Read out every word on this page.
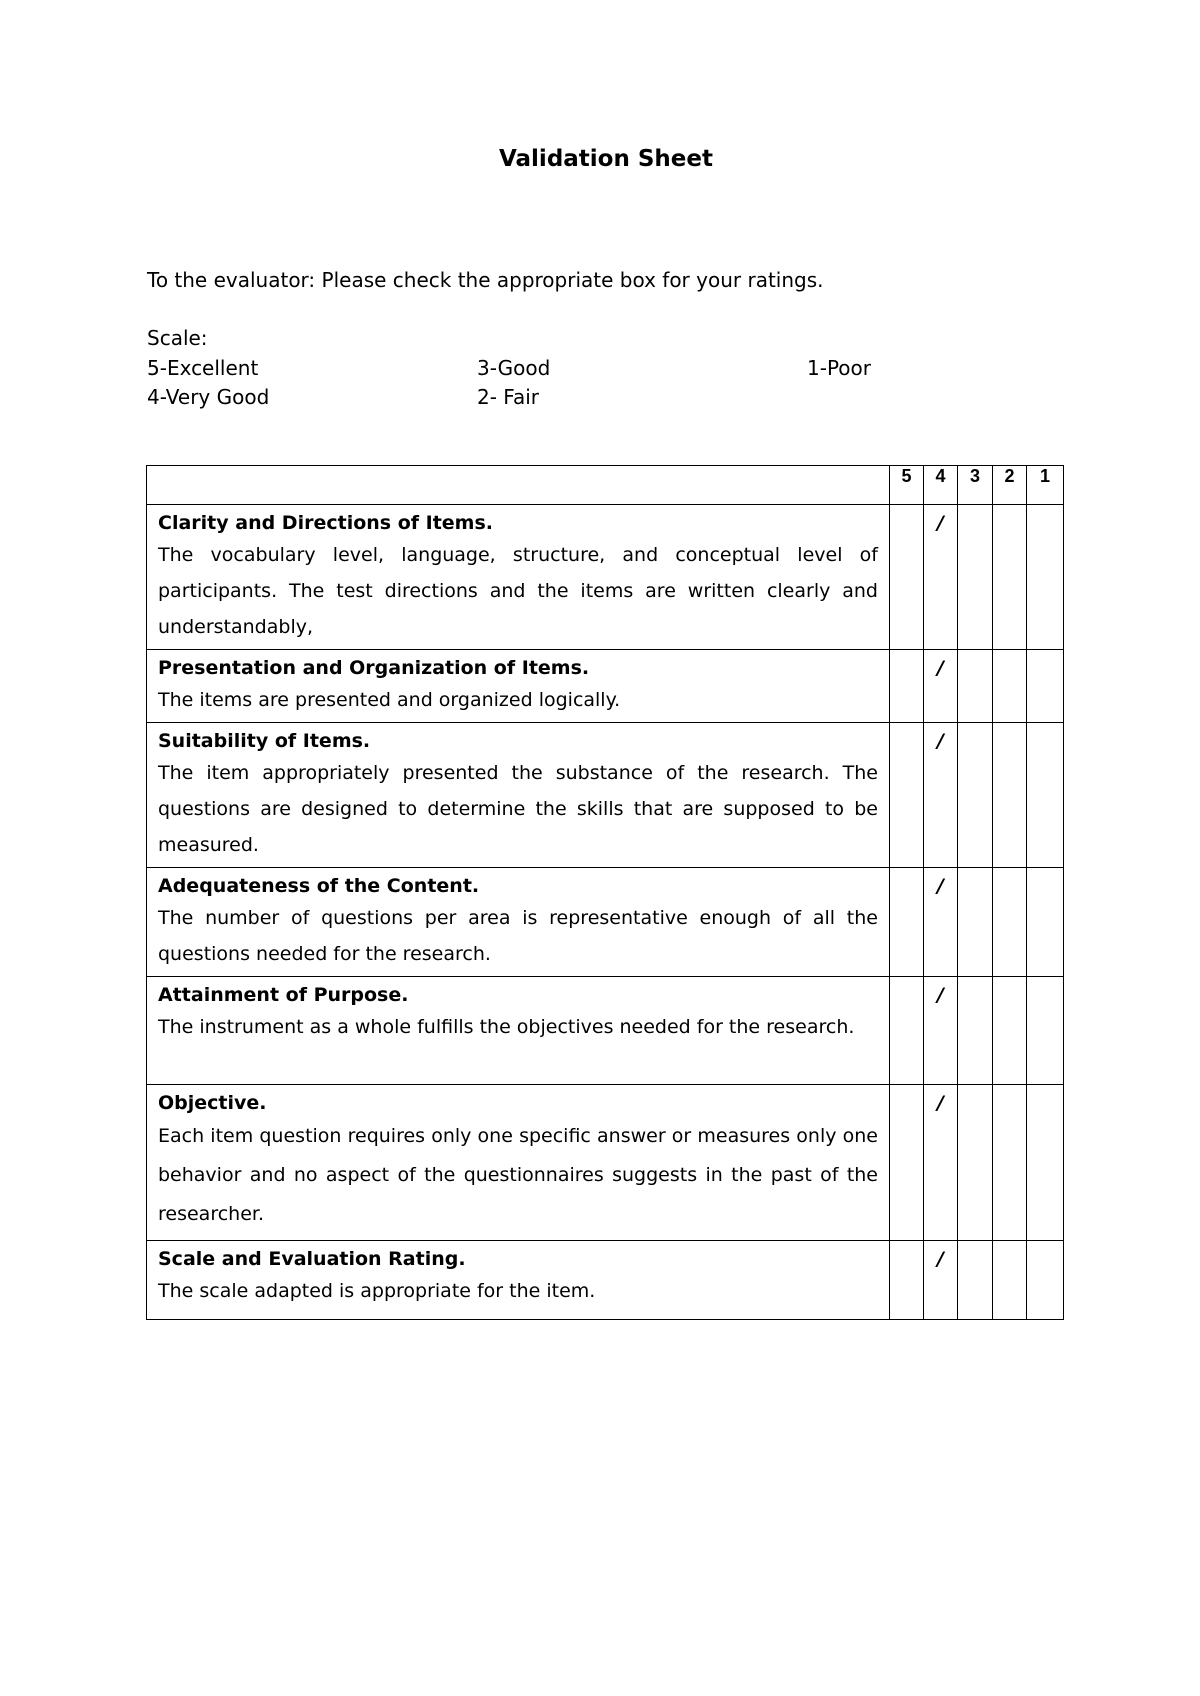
Validation Sheet
To the evaluator: Please check the appropriate box for your ratings.
Scale:
5-Excellent
4-Very Good
3-Good
2- Fair
1-Poor
	5	4	3	2	1

Clarity and Directions of Items.
The vocabulary level, language, structure, and conceptual level of participants. The test directions and the items are written clearly and understandably,		/			

Presentation and Organization of Items.
The items are presented and organized logically.		/			

Suitability of Items.
The item appropriately presented the substance of the research. The questions are designed to determine the skills that are supposed to be measured.		/			

Adequateness of the Content.
The number of questions per area is representative enough of all the questions needed for the research.		/			

Attainment of Purpose.
The instrument as a whole fulfills the objectives needed for the research.		/			

Objective.
Each item question requires only one specific answer or measures only one behavior and no aspect of the questionnaires suggests in the past of the researcher.		/			

Scale and Evaluation Rating.
The scale adapted is appropriate for the item.		/			
